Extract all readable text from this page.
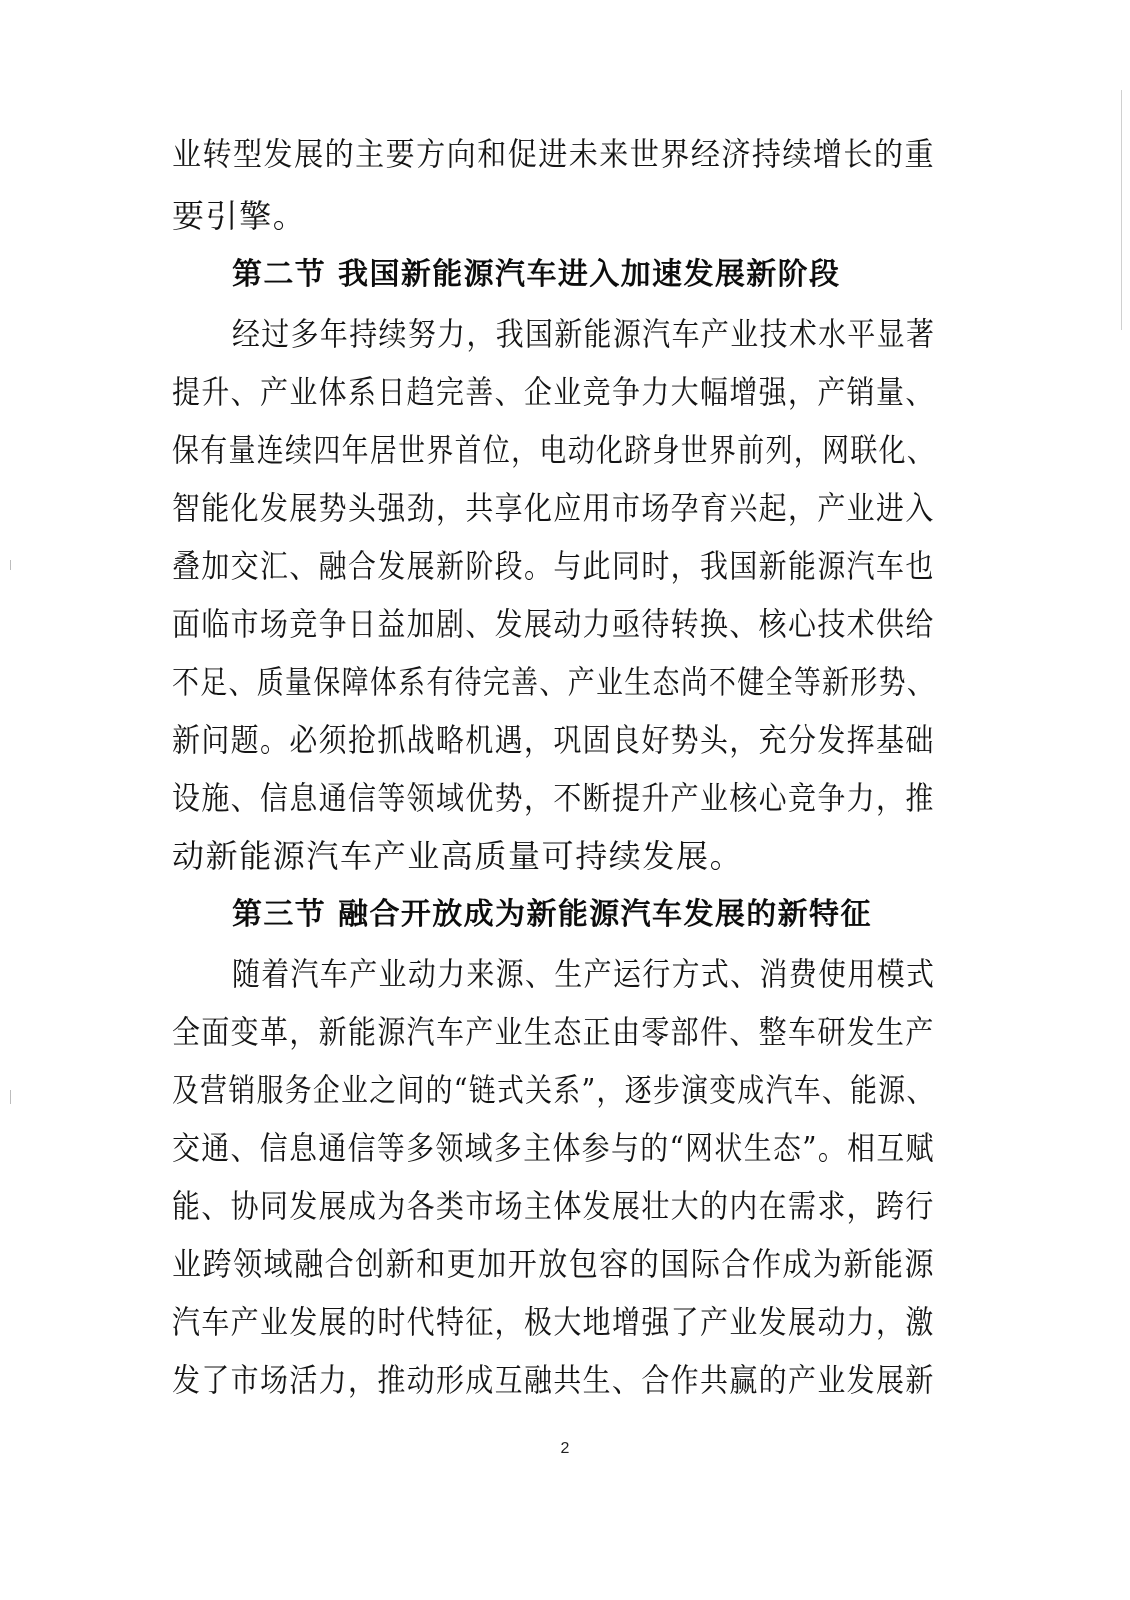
业转型发展的主要方向和促进未来世界经济持续增长的重
要引擎。
第二节 我国新能源汽车进入加速发展新阶段
经过多年持续努力，我国新能源汽车产业技术水平显著
提升、产业体系日趋完善、企业竞争力大幅增强，产销量、
保有量连续四年居世界首位，电动化跻身世界前列，网联化、
智能化发展势头强劲，共享化应用市场孕育兴起，产业进入
叠加交汇、融合发展新阶段。与此同时，我国新能源汽车也
面临市场竞争日益加剧、发展动力亟待转换、核心技术供给
不足、质量保障体系有待完善、产业生态尚不健全等新形势、
新问题。必须抢抓战略机遇，巩固良好势头，充分发挥基础
设施、信息通信等领域优势，不断提升产业核心竞争力，推
动新能源汽车产业高质量可持续发展。
第三节 融合开放成为新能源汽车发展的新特征
随着汽车产业动力来源、生产运行方式、消费使用模式
全面变革，新能源汽车产业生态正由零部件、整车研发生产
及营销服务企业之间的“链式关系”，逐步演变成汽车、能源、
交通、信息通信等多领域多主体参与的“网状生态”。相互赋
能、协同发展成为各类市场主体发展壮大的内在需求，跨行
业跨领域融合创新和更加开放包容的国际合作成为新能源
汽车产业发展的时代特征，极大地增强了产业发展动力，激
发了市场活力，推动形成互融共生、合作共赢的产业发展新
2
